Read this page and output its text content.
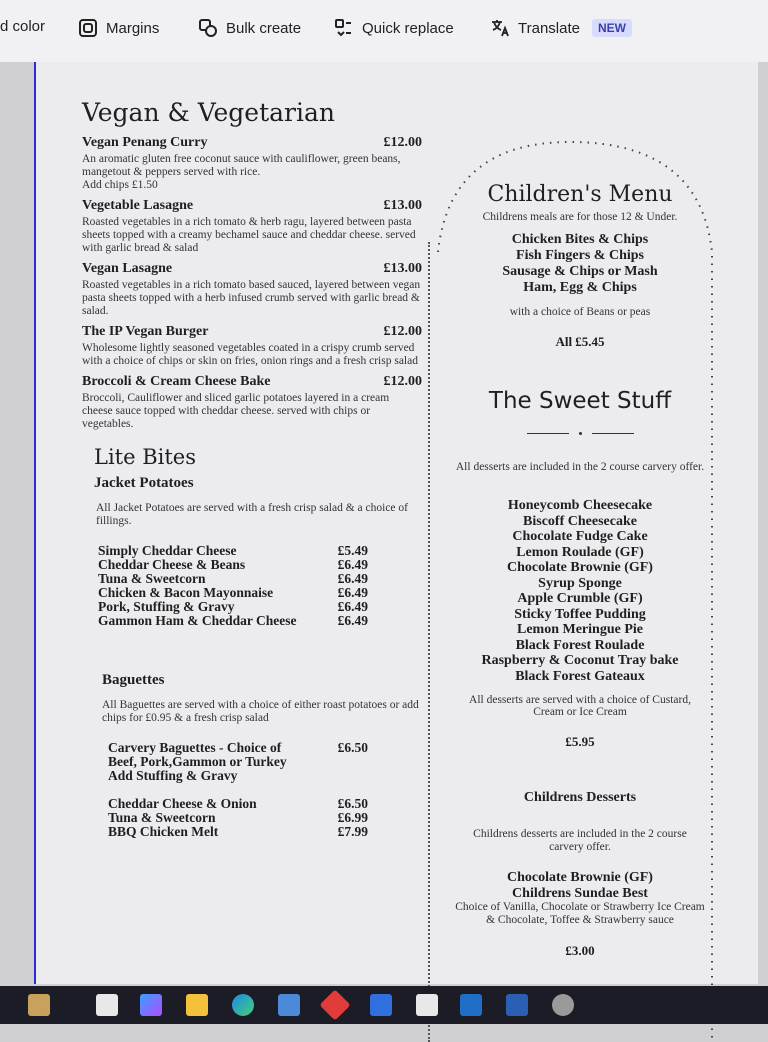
d color	Margins	Bulk create	Quick replace	Translate	NEW
Vegan & Vegetarian
Vegan Penang Curry	£12.00
An aromatic gluten free coconut sauce with cauliflower, green beans, mangetout & peppers served with rice.
Add chips £1.50
Vegetable Lasagne	£13.00
Roasted vegetables in a rich tomato & herb ragu, layered between pasta sheets topped with a creamy bechamel sauce and cheddar cheese. served with garlic bread & salad
Vegan Lasagne	£13.00
Roasted vegetables in a rich tomato based sauced, layered between vegan pasta sheets topped with a herb infused crumb served with garlic bread & salad.
The IP Vegan Burger	£12.00
Wholesome lightly seasoned vegetables coated in a crispy crumb served with a choice of chips or skin on fries, onion rings and a fresh crisp salad
Broccoli & Cream Cheese Bake	£12.00
Broccoli, Cauliflower and sliced garlic potatoes layered in a cream cheese sauce topped with cheddar cheese. served with chips or vegetables.
Lite Bites
Jacket Potatoes
All Jacket Potatoes are served with a fresh crisp salad & a choice of fillings.
Simply Cheddar Cheese	£5.49
Cheddar Cheese & Beans	£6.49
Tuna & Sweetcorn	£6.49
Chicken & Bacon Mayonnaise	£6.49
Pork, Stuffing & Gravy	£6.49
Gammon Ham & Cheddar Cheese	£6.49
Baguettes
All Baguettes are served with a choice of either roast potatoes or add chips for £0.95 & a fresh crisp salad
Carvery Baguettes - Choice of	£6.50
Beef, Pork,Gammon or Turkey
Add Stuffing & Gravy
Cheddar Cheese & Onion	£6.50
Tuna & Sweetcorn	£6.99
BBQ Chicken Melt	£7.99
Children's Menu
Childrens meals are for those 12 & Under.
Chicken Bites & Chips
Fish Fingers & Chips
Sausage & Chips or Mash
Ham, Egg & Chips
with a choice of Beans or peas
All £5.45
The Sweet Stuff
All desserts are included in the 2 course carvery offer.
Honeycomb Cheesecake
Biscoff Cheesecake
Chocolate Fudge Cake
Lemon Roulade (GF)
Chocolate Brownie (GF)
Syrup Sponge
Apple Crumble (GF)
Sticky Toffee Pudding
Lemon Meringue Pie
Black Forest Roulade
Raspberry & Coconut Tray bake
Black Forest Gateaux
All desserts are served with a choice of Custard, Cream or Ice Cream
£5.95
Childrens Desserts
Childrens desserts are included in the 2 course carvery offer.
Chocolate Brownie (GF)
Childrens Sundae Best
Choice of Vanilla, Chocolate or Strawberry Ice Cream & Chocolate, Toffee & Strawberry sauce
£3.00
